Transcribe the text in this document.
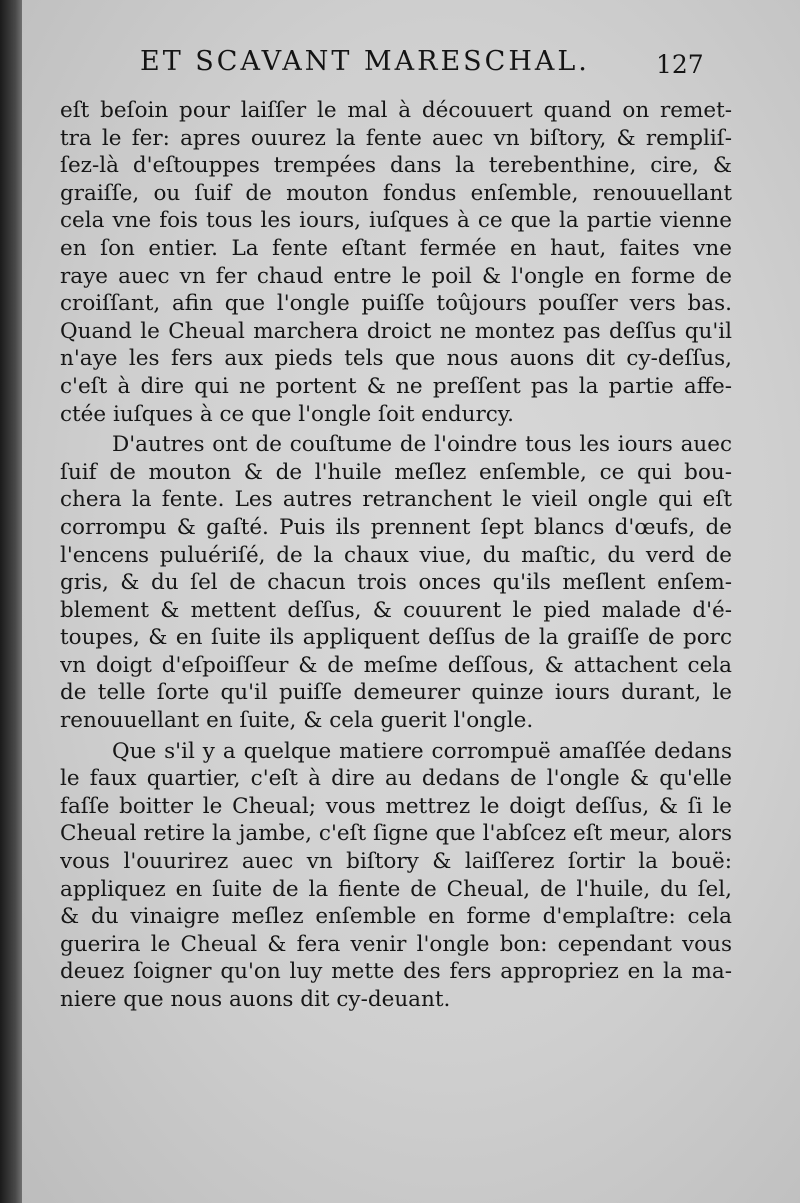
ET SCAVANT MARESCHAL.	127
eſt beſoin pour laiſſer le mal à découuert quand on remet-
tra le fer: apres ouurez la fente auec vn biſtory, & rempliſ-
ſez-là d'eſtouppes trempées dans la terebenthine, cire, &
graiſſe, ou ſuif de mouton fondus enſemble, renouuellant
cela vne fois tous les iours, iuſques à ce que la partie vienne
en ſon entier. La fente eſtant fermée en haut, faites vne
raye auec vn fer chaud entre le poil & l'ongle en forme de
croiſſant, afin que l'ongle puiſſe toûjours pouſſer vers bas.
Quand le Cheual marchera droict ne montez pas deſſus qu'il
n'aye les fers aux pieds tels que nous auons dit cy-deſſus,
c'eſt à dire qui ne portent & ne preſſent pas la partie affe-
ctée iuſques à ce que l'ongle ſoit endurcy.
D'autres ont de couſtume de l'oindre tous les iours auec
ſuif de mouton & de l'huile meſlez enſemble, ce qui bou-
chera la fente. Les autres retranchent le vieil ongle qui eſt
corrompu & gaſté. Puis ils prennent ſept blancs d'œufs, de
l'encens puluériſé, de la chaux viue, du maſtic, du verd de
gris, & du ſel de chacun trois onces qu'ils meſlent enſem-
blement & mettent deſſus, & couurent le pied malade d'é-
toupes, & en ſuite ils appliquent deſſus de la graiſſe de porc
vn doigt d'eſpoiſſeur & de meſme deſſous, & attachent cela
de telle ſorte qu'il puiſſe demeurer quinze iours durant, le
renouuellant en ſuite, & cela guerit l'ongle.
Que s'il y a quelque matiere corrompuë amaſſée dedans
le faux quartier, c'eſt à dire au dedans de l'ongle & qu'elle
faſſe boitter le Cheual; vous mettrez le doigt deſſus, & ſi le
Cheual retire la jambe, c'eſt ſigne que l'abſcez eſt meur, alors
vous l'ouurirez auec vn biſtory & laiſſerez ſortir la bouë:
appliquez en ſuite de la fiente de Cheual, de l'huile, du ſel,
& du vinaigre meſlez enſemble en forme d'emplaſtre: cela
guerira le Cheual & fera venir l'ongle bon: cependant vous
deuez ſoigner qu'on luy mette des fers appropriez en la ma-
niere que nous auons dit cy-deuant.
